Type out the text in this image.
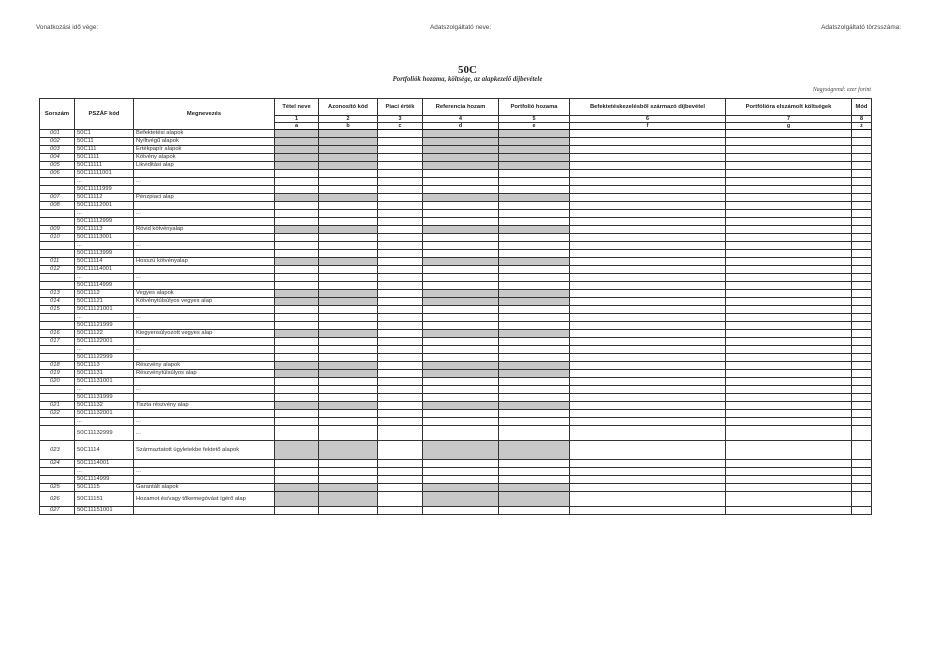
Vonatkozási idő vége:	Adatszolgáltató neve:	Adatszolgáltató törzsszáma:
50C
Portfoliók hozama, költsége, az alapkezelő díjbevétele
Nagyságrend: ezer forint
Sorszám	PSZÁF kód	Megnevezés	Tétel neve	Azonosító kód	Piaci érték	Referencia hozam	Portfolió hozama	Befektetéskezelésből származó díjbevétel	Portfólióra elszámolt költségek	Mód
			1	2	3	4	5	6	7	8
			a	b	c	d	e	f	g	z
001	50C1	Befektetési alapok								
002	50C11	Nyíltvégű alapok								
003	50C111	Értékpapír alapok								
004	50C1111	Kötvény alapok								
005	50C11111	Likviditási alap								
006	50C11111001									
	...	...								
	50C11111999									
007	50C11112	Pénzpiaci alap								
008	50C11112001									
	...	...								
	50C11112999									
009	50C11113	Rövid kötvényalap								
010	50C11113001									
	...	...								
	50C11113999									
011	50C11114	Hosszú kötvényalap								
012	50C11114001									
	...	...								
	50C11114999									
013	50C1112	Vegyes alapok								
014	50C11121	Kötvénytúlsúlyos vegyes alap								
015	50C11121001									
	...	...								
	50C11121999									
016	50C11122	Kiegyensúlyozott vegyes alap								
017	50C11122001									
	...	...								
	50C11122999									
018	50C1113	Részvény alapok								
019	50C11131	Részvénytúlsúlyos alap								
020	50C11131001									
	...	...								
	50C11131999									
021	50C11132	Tiszta részvény alap								
022	50C11132001									
	...	...								
	50C11132999	...								
023	50C1114	Származtatott ügyletekbe fektető alapok								
024	50C1114001									
	...	...								
	50C1114999									
025	50C1115	Garantált alapok								
026	50C11151	Hozamot és/vagy tőkemegóvást ígérő alap								
027	50C11151001									
